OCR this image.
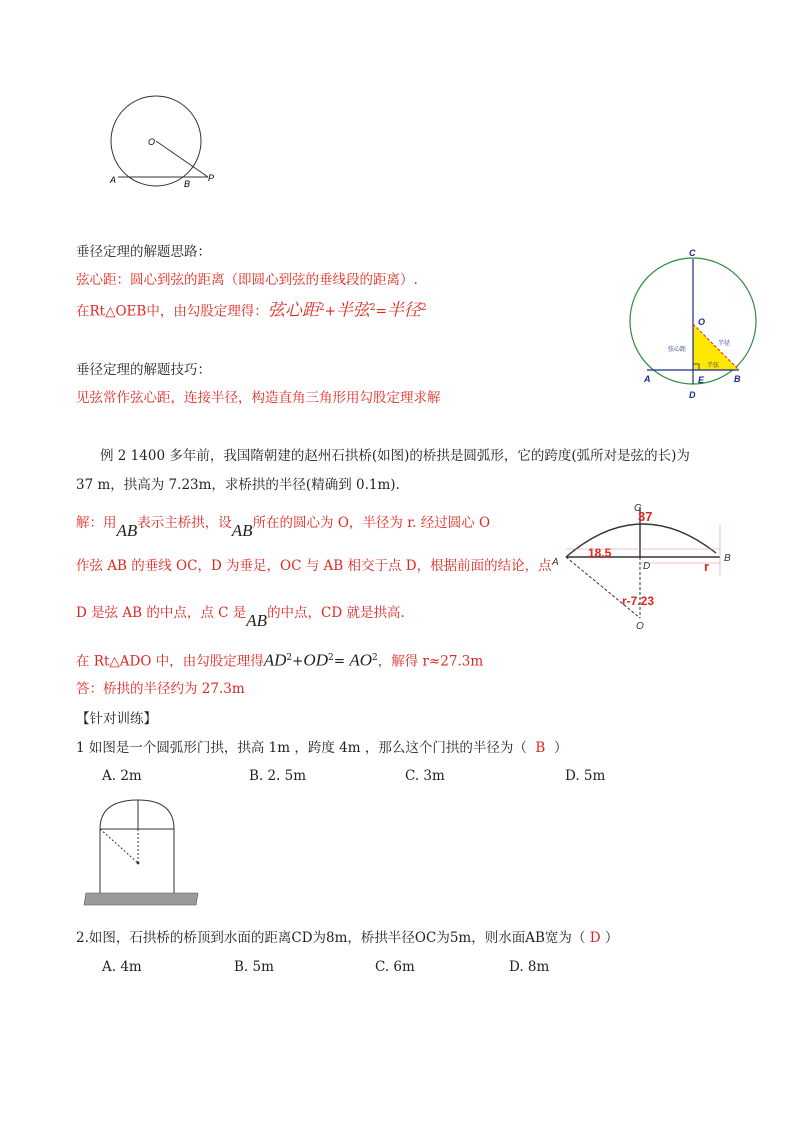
O
A	B
P
垂径定理的解题思路：
弦心距：圆心到弦的距离（即圆心到弦的垂线段的距离）.
在Rt△OEB中，由勾股定理得：弦心距$^2$+半弦$^2$=半径$^2$
C
O
A	E	B
D
半径
半弦
弦心距
垂径定理的解题技巧：
见弦常作弦心距，连接半径，构造直角三角形用勾股定理求解
例 2 1400 多年前，我国隋朝建的赵州石拱桥(如图)的桥拱是圆弧形，它的跨度(弧所对是弦的长)为
37 m，拱高为 7.23m，求桥拱的半径(精确到 0.1m).
解：用AB表示主桥拱，设AB所在的圆心为 O，半径为 r. 经过圆心 O
作弦 AB 的垂线 OC，D 为垂足，OC 与 AB 相交于点 D，根据前面的结论，点
D 是弦 AB 的中点，点 C 是AB的中点，CD 就是拱高.
在 Rt△ADO 中，由勾股定理得$AD^2+OD^2= AO^2$，解得 r≈27.3m
答：桥拱的半径约为 27.3m
C
37
A	B
18.5
D	r
r-7.23
O
【针对训练】
1 如图是一个圆弧形门拱，拱高 1m ，跨度 4m ，那么这个门拱的半径为（ B ）
A. 2m	B. 2. 5m	C. 3m	D. 5m
2.如图，石拱桥的桥顶到水面的距离CD为8m，桥拱半径OC为5m，则水面AB宽为（ D ）
A. 4m	B. 5m	C. 6m	D. 8m
